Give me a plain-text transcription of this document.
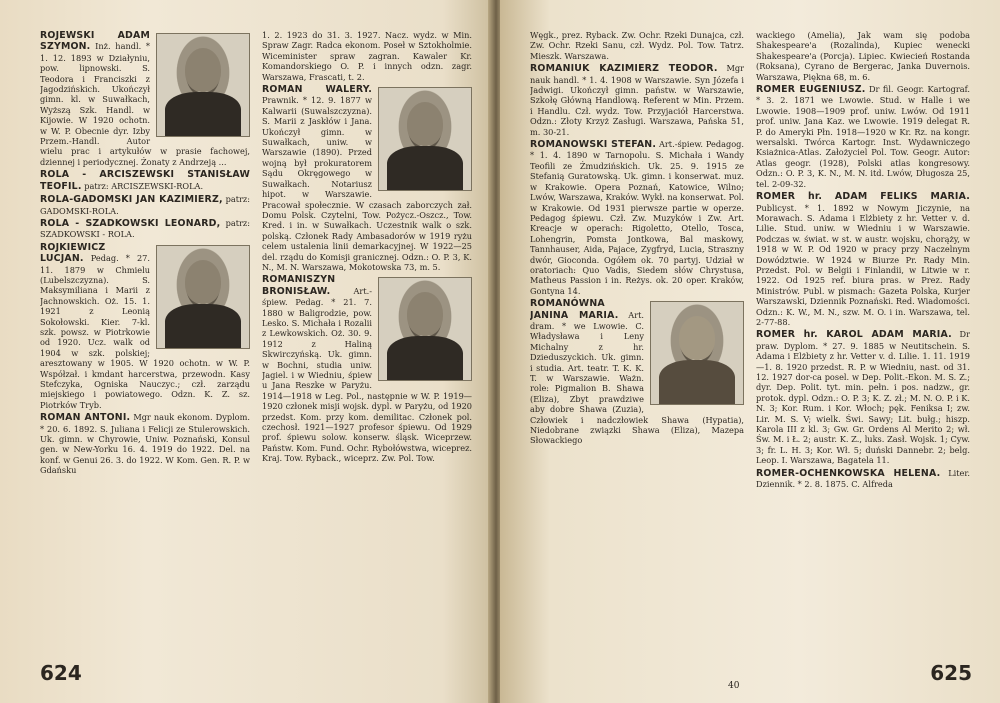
ROJEWSKI ADAM SZYMON. Inż. handl. * 1. 12. 1893 w Działyniu, pow. lipnowski. S. Teodora i Franciszki z Jagodzińskich. Ukończył gimn. kl. w Suwałkach, Wyższą Szk. Handl. w Kijowie. W 1920 ochotn. w W. P. Obecnie dyr. Izby Przem.-Handl. Autor wielu prac i artykułów w prasie fachowej, dziennej i periodycznej. Żonaty z Andrzeją ...
ROLA - ARCISZEWSKI STANISŁAW TEOFIL. patrz: ARCISZEWSKI-ROLA.
ROLA-GADOMSKI JAN KAZIMIERZ, patrz: GADOMSKI-ROLA.
ROLA - SZADKOWSKI LEONARD, patrz: SZADKOWSKI - ROLA.
ROJKIEWICZ LUCJAN. Pedag. * 27. 11. 1879 w Chmielu (Lubelszczyzna). S. Maksymiliana i Marii z Jachnowskich. Oż. 15. 1. 1921 z Leonią Sokołowski. Kier. 7-kl. szk. powsz. w Piotrkowie od 1920. Ucz. walk od 1904 w szk. polskiej; aresztowany w 1905. W 1920 ochotn. w W. P. Współzał. i kmdant harcerstwa, przewodn. Kasy Stefczyka, Ogniska Nauczyc.; czł. zarządu miejskiego i powiatowego. Odzn. K. Z. sz. Piotrków Tryb.
ROMAN ANTONI. Mgr nauk ekonom. Dyplom. * 20. 6. 1892. S. Juliana i Felicji ze Stulerowskich. Uk. gimn. w Chyrowie, Uniw. Poznański, Konsul gen. w New-Yorku 16. 4. 1919 do 1922. Del. na konf. w Genui 26. 3. do 1922. W Kom. Gen. R. P. w Gdańsku
1. 2. 1923 do 31. 3. 1927. Nacz. wydz. w Min. Spraw Zagr. Radca ekonom. Poseł w Sztokholmie. Wiceminister spraw zagran. Kawaler Kr. Komandorskiego O. P. i innych odzn. zagr. Warszawa, Frascati, t. 2.
ROMAN WALERY. Prawnik. * 12. 9. 1877 w Kalwarii (Suwalszczyzna). S. Marii z Jaskłów i Jana. Ukończył gimn. w Suwałkach, uniw. w Warszawie (1890). Przed wojną był prokuratorem Sądu Okręgowego w Suwałkach. Notariusz hipot. w Warszawie. Pracował społecznie. W czasach zaborczych zał. Domu Polsk. Czytelni, Tow. Pożycz.-Oszcz., Tow. Kred. i in. w Suwałkach. Uczestnik walk o szk. polską. Członek Rady Ambasadorów w 1919 ryżu celem ustalenia linii demarkacyjnej. W 1922—25 del. rządu do Komisji granicznej. Odzn.: O. P. 3, K. N., M. N. Warszawa, Mokotowska 73, m. 5.
ROMANISZYN BRONISŁAW.	Art.-śpiew. Pedag. * 21. 7. 1880 w Baligrodzie, pow. Lesko. S. Michała i Rozalii z Lewkowskich. Oż. 30. 9. 1912 z Haliną Skwirczyńską. Uk. gimn. w Bochni, studia uniw. Jagiel. i w Wiedniu, śpiew u Jana Reszke w Paryżu. 1914—1918 w Leg. Pol., następnie w W. P. 1919—1920 członek misji wojsk. dypl. w Paryżu, od 1920 przedst. Kom. przy kom. demilitac. Członek pol. czechosł. 1921—1927 profesor śpiewu. Od 1929 prof. śpiewu solow. konserw. śląsk. Wiceprzew. Państw. Kom. Fund. Ochr. Rybołówstwa, wiceprez. Kraj. Tow. Ryback., wiceprz. Zw. Pol. Tow.
624
Węgk., prez. Ryback. Zw. Ochr. Rzeki Dunajca, czł. Zw. Ochr. Rzeki Sanu, czł. Wydz. Pol. Tow. Tatrz. Mieszk. Warszawa.
ROMANIUK KAZIMIERZ TEODOR. Mgr nauk handl. * 1. 4. 1908 w Warszawie. Syn Józefa i Jadwigi. Ukończył gimn. państw. w Warszawie, Szkołę Główną Handlową. Referent w Min. Przem. i Handlu. Czł. wydz. Tow. Przyjaciół Harcerstwa. Odzn.: Złoty Krzyż Zasługi. Warszawa, Pańska 51, m. 30-21.
ROMANOWSKI STEFAN. Art.-śpiew. Pedagog. * 1. 4. 1890 w Tarnopolu. S. Michała i Wandy Teofili ze Żmudzińskich. Uk. 25. 9. 1915 ze Stefanią Guratowską. Uk. gimn. i konserwat. muz. w Krakowie. Opera Poznań, Katowice, Wilno; Lwów, Warszawa, Kraków. Wykł. na konserwat. Pol. w Krakowie. Od 1931 pierwsze partie w operze. Pedagog śpiewu. Czł. Zw. Muzyków i Zw. Art. Kreacje w operach: Rigoletto, Otello, Tosca, Lohengrin, Pomsta Jontkowa, Bal maskowy, Tannhauser, Aida, Pajace, Zygfryd, Lucia, Straszny dwór, Gioconda. Ogółem ok. 70 partyj. Udział w oratoriach: Quo Vadis, Siedem słów Chrystusa, Matheus Passion i in. Reżys. ok. 20 oper. Kraków, Gontyna 14.
ROMANÓWNA JANINA MARIA. Art. dram. * we Lwowie. C. Władysława i Leny Michalny z hr. Dzieduszyckich. Uk. gimn. i studia. Art. teatr. T. K. K. T. w Warszawie. Ważn. role: Pigmalion B. Shawa (Eliza), Zbyt prawdziwe aby dobre Shawa (Zuzia), Człowiek i nadczłowiek Shawa (Hypatia), Niedobrane związki Shawa (Eliza), Mazepa Słowackiego
wackiego (Amelia), Jak wam się podoba Shakespeare'a (Rozalinda), Kupiec wenecki Shakespeare'a (Porcja). Lipiec. Kwiecień Rostanda (Roksana), Cyrano de Bergerac, Janka Duvernois. Warszawa, Piękna 68, m. 6.
ROMER EUGENIUSZ. Dr fil. Geogr. Kartograf. * 3. 2. 1871 we Lwowie. Stud. w Halle i we Lwowie. 1908—1909 prof. uniw. Lwów. Od 1911 prof. uniw. Jana Kaz. we Lwowie. 1919 delegat R. P. do Ameryki Płn. 1918—1920 w Kr. Rz. na kongr. wersalski. Twórca Kartogr. Inst. Wydawniczego Ksiażnica-Atlas. Założyciel Pol. Tow. Geogr. Autor: Atlas geogr. (1928), Polski atlas kongresowy. Odzn.: O. P. 3, K. N., M. N. itd. Lwów, Długosza 25, tel. 2-09-32.
ROMER hr. ADAM FELIKS MARIA. Publicyst. * 1. 1892 w Nowym Jiczynie, na Morawach. S. Adama i Elżbiety z hr. Vetter v. d. Lilie. Stud. uniw. w Wiedniu i w Warszawie. Podczas w. świat. w st. w austr. wojsku, chorąży, w 1918 w W. P. Od 1920 w pracy przy Naczelnym Dowództwie. W 1924 w Biurze Pr. Rady Min. Przedst. Pol. w Belgii i Finlandii, w Litwie w r. 1922. Od 1925 ref. biura pras. w Prez. Rady Ministrów. Publ. w pismach: Gazeta Polska, Kurjer Warszawski, Dziennik Poznański. Red. Wiadomości. Odzn.: K. W., M. N., szw. M. O. i in. Warszawa, tel. 2-77-88.
ROMER hr. KAROL ADAM MARIA. Dr praw. Dyplom. * 27. 9. 1885 w Neutitschein. S. Adama i Elżbiety z hr. Vetter v. d. Lilie. 1. 11. 1919—1. 8. 1920 przedst. R. P. w Wiedniu, nast. od 31. 12. 1927 dor-ca posel. w Dep. Polit.-Ekon. M. S. Z.; dyr. Dep. Polit. tyt. min. pełn. i pos. nadzw., gr. protok. dypl. Odzn.: O. P. 3; K. Z. zł.; M. N. O. P. i K. N. 3; Kor. Rum. i Kor. Włoch; pęk. Feniksa I; zw. Lir. M. S. V; wielk. Świ. Sawy; Lit. bułg.; hiszp. Karola III z kl. 3; Gw. Gr. Ordens Al Merito 2; wł. Św. M. i Ł. 2; austr. K. Z., luks. Zasł. Wojsk. 1; Cyw. 3; fr. L. H. 3; Kor. Wł. 5; duński Dannebr. 2; belg. Leop. I. Warszawa, Bagatela 11.
ROMER-OCHENKOWSKA HELENA. Liter. Dziennik. * 2. 8. 1875. C. Alfreda
40
625
